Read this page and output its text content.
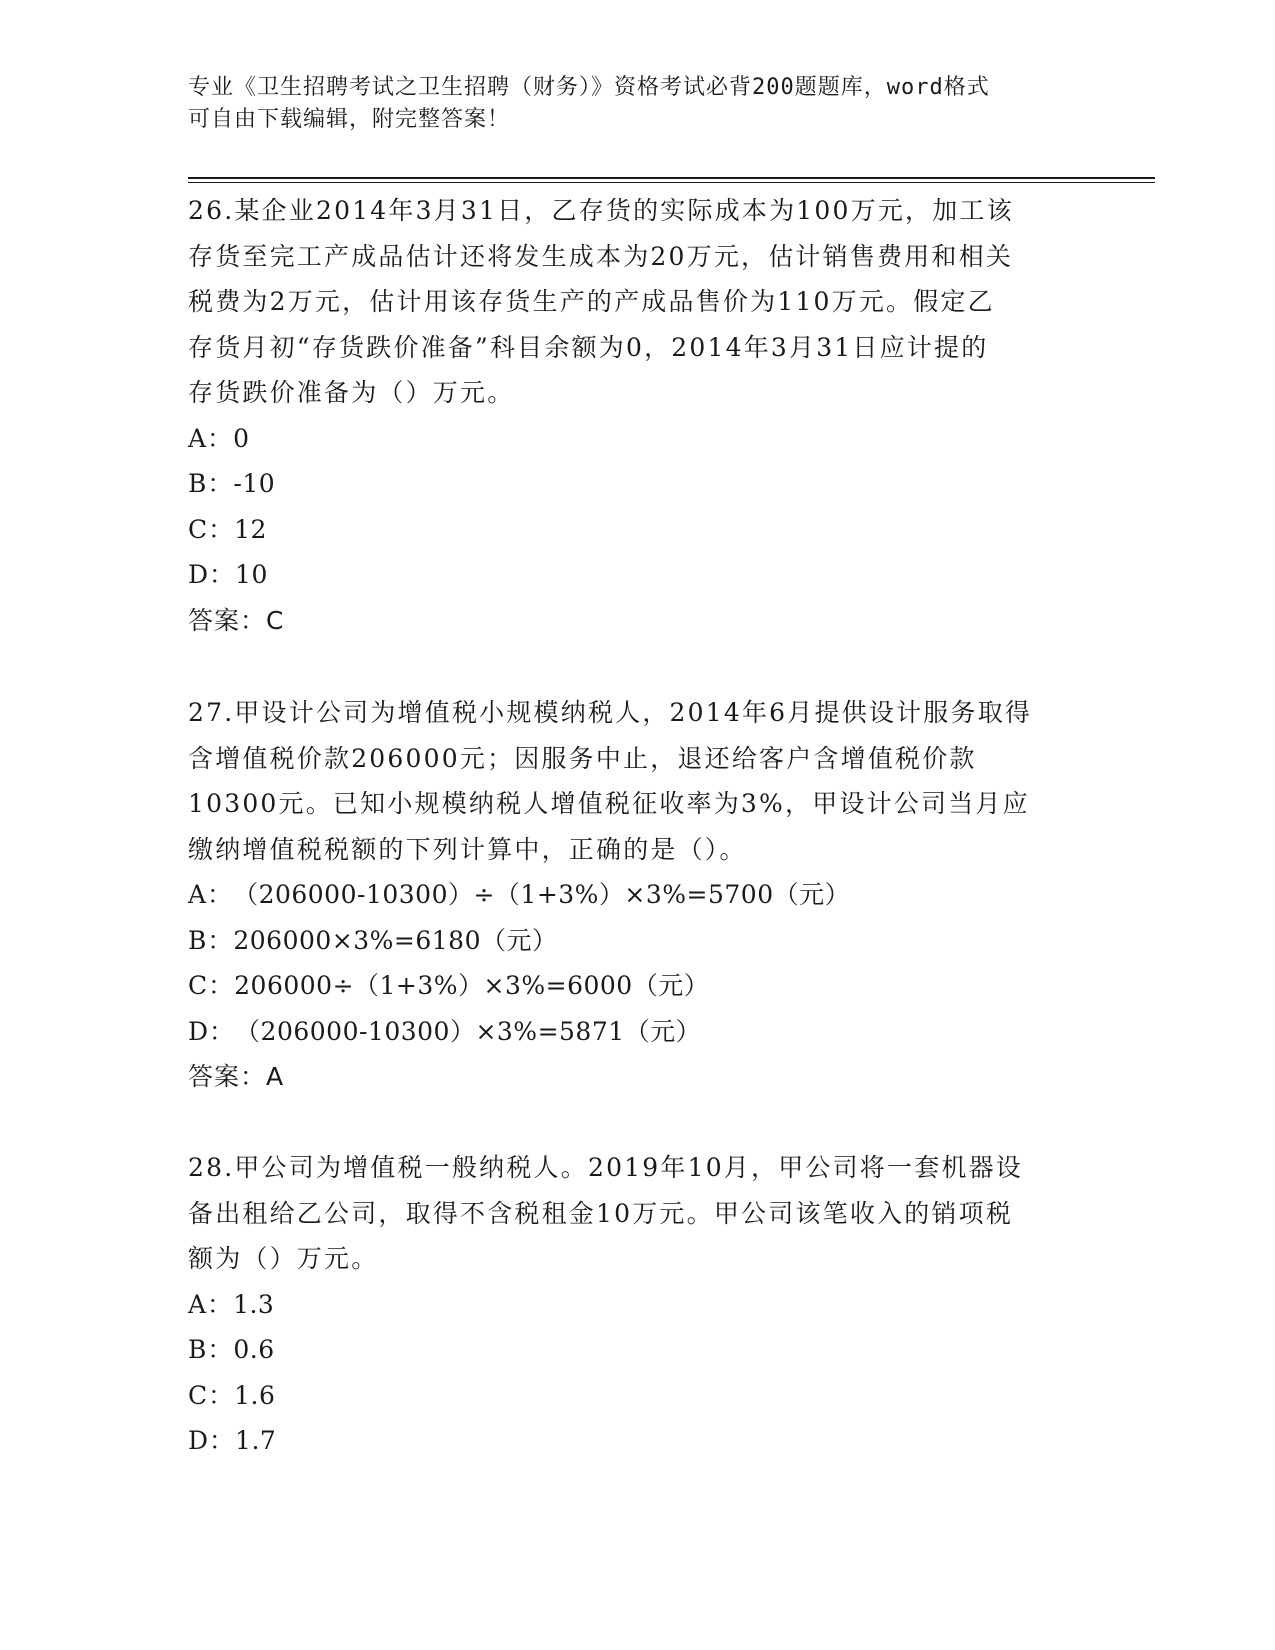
专业《卫生招聘考试之卫生招聘（财务）》资格考试必背200题题库，word格式
可自由下载编辑，附完整答案！
26.某企业2014年3月31日，乙存货的实际成本为100万元，加工该
存货至完工产成品估计还将发生成本为20万元，估计销售费用和相关
税费为2万元，估计用该存货生产的产成品售价为110万元。假定乙
存货月初“存货跌价准备”科目余额为0，2014年3月31日应计提的
存货跌价准备为（）万元。
A：0
B：-10
C：12
D：10
答案：C
27.甲设计公司为增值税小规模纳税人，2014年6月提供设计服务取得
含增值税价款206000元；因服务中止，退还给客户含增值税价款
10300元。已知小规模纳税人增值税征收率为3%，甲设计公司当月应
缴纳增值税税额的下列计算中，正确的是（）。
A：（206000-10300）÷（1+3%）×3%=5700（元）
B：206000×3%=6180（元）
C：206000÷（1+3%）×3%=6000（元）
D：（206000-10300）×3%=5871（元）
答案：A
28.甲公司为增值税一般纳税人。2019年10月，甲公司将一套机器设
备出租给乙公司，取得不含税租金10万元。甲公司该笔收入的销项税
额为（）万元。
A：1.3
B：0.6
C：1.6
D：1.7
